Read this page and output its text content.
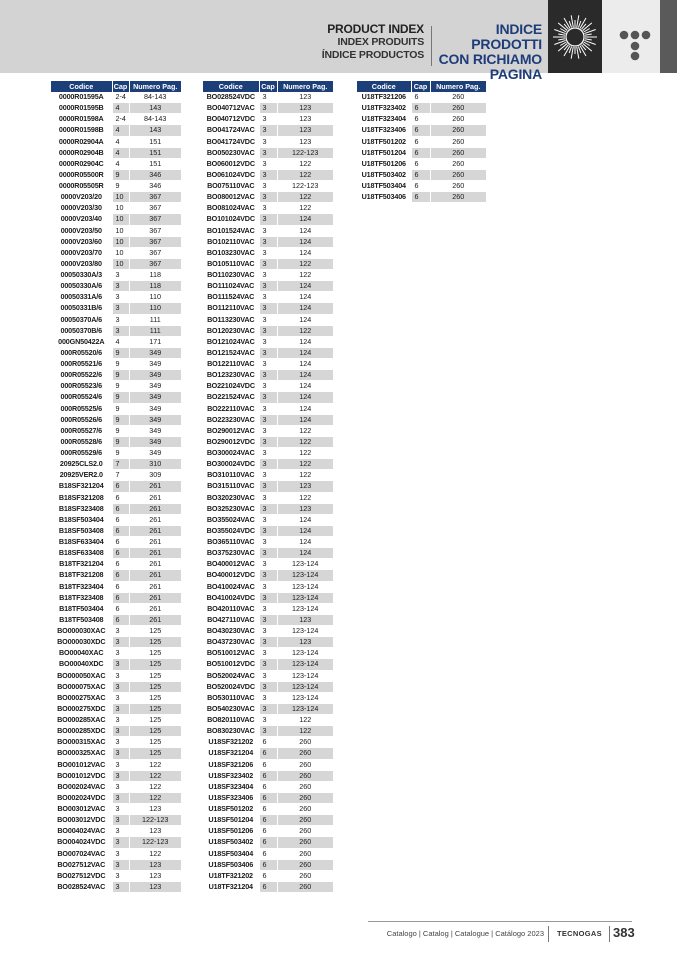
PRODUCT INDEX
INDEX PRODUITS
ÍNDICE PRODUCTOS
INDICE PRODOTTI
CON RICHIAMO
PAGINA
Codice	Cap	Numero Pag.
0000R01595A	2-4	84-143
0000R01595B	4	143
0000R01598A	2-4	84-143
0000R01598B	4	143
0000R02904A	4	151
0000R02904B	4	151
0000R02904C	4	151
0000R05500R	9	346
0000R05505R	9	346
0000V203/20	10	367
0000V203/30	10	367
0000V203/40	10	367
0000V203/50	10	367
0000V203/60	10	367
0000V203/70	10	367
0000V203/80	10	367
00050330A/3	3	118
00050330A/6	3	118
00050331A/6	3	110
00050331B/6	3	110
00050370A/6	3	111
00050370B/6	3	111
000GN50422A	4	171
000R05520/6	9	349
000R05521/6	9	349
000R05522/6	9	349
000R05523/6	9	349
000R05524/6	9	349
000R05525/6	9	349
000R05526/6	9	349
000R05527/6	9	349
000R05528/6	9	349
000R05529/6	9	349
20925CLS2.0	7	310
20925VER2.0	7	309
B18SF321204	6	261
B18SF321208	6	261
B18SF323408	6	261
B18SF503404	6	261
B18SF503408	6	261
B18SF633404	6	261
B18SF633408	6	261
B18TF321204	6	261
B18TF321208	6	261
B18TF323404	6	261
B18TF323408	6	261
B18TF503404	6	261
B18TF503408	6	261
BO000030XAC	3	125
BO000030XDC	3	125
BO00040XAC	3	125
BO00040XDC	3	125
BO000050XAC	3	125
BO000075XAC	3	125
BO000275XAC	3	125
BO000275XDC	3	125
BO000285XAC	3	125
BO000285XDC	3	125
BO000315XAC	3	125
BO000325XAC	3	125
BO001012VAC	3	122
BO001012VDC	3	122
BO002024VAC	3	122
BO002024VDC	3	122
BO003012VAC	3	123
BO003012VDC	3	122-123
BO004024VAC	3	123
BO004024VDC	3	122-123
BO007024VAC	3	122
BO027512VAC	3	123
BO027512VDC	3	123
BO028524VAC	3	123
Codice	Cap	Numero Pag.
BO028524VDC	3	123
BO040712VAC	3	123
BO040712VDC	3	123
BO041724VAC	3	123
BO041724VDC	3	123
BO050230VAC	3	122-123
BO060012VDC	3	122
BO061024VDC	3	122
BO075110VAC	3	122-123
BO080012VAC	3	122
BO081024VAC	3	122
BO101024VDC	3	124
BO101524VAC	3	124
BO102110VAC	3	124
BO103230VAC	3	124
BO105110VAC	3	122
BO110230VAC	3	122
BO111024VAC	3	124
BO111524VAC	3	124
BO112110VAC	3	124
BO113230VAC	3	124
BO120230VAC	3	122
BO121024VAC	3	124
BO121524VAC	3	124
BO122110VAC	3	124
BO123230VAC	3	124
BO221024VDC	3	124
BO221524VAC	3	124
BO222110VAC	3	124
BO223230VAC	3	124
BO290012VAC	3	122
BO290012VDC	3	122
BO300024VAC	3	122
BO300024VDC	3	122
BO310110VAC	3	122
BO315110VAC	3	123
BO320230VAC	3	122
BO325230VAC	3	123
BO355024VAC	3	124
BO355024VDC	3	124
BO365110VAC	3	124
BO375230VAC	3	124
BO400012VAC	3	123-124
BO400012VDC	3	123-124
BO410024VAC	3	123-124
BO410024VDC	3	123-124
BO420110VAC	3	123-124
BO427110VAC	3	123
BO430230VAC	3	123-124
BO437230VAC	3	123
BO510012VAC	3	123-124
BO510012VDC	3	123-124
BO520024VAC	3	123-124
BO520024VDC	3	123-124
BO530110VAC	3	123-124
BO540230VAC	3	123-124
BO820110VAC	3	122
BO830230VAC	3	122
U18SF321202	6	260
U18SF321204	6	260
U18SF321206	6	260
U18SF323402	6	260
U18SF323404	6	260
U18SF323406	6	260
U18SF501202	6	260
U18SF501204	6	260
U18SF501206	6	260
U18SF503402	6	260
U18SF503404	6	260
U18SF503406	6	260
U18TF321202	6	260
U18TF321204	6	260
Codice	Cap	Numero Pag.
U18TF321206	6	260
U18TF323402	6	260
U18TF323404	6	260
U18TF323406	6	260
U18TF501202	6	260
U18TF501204	6	260
U18TF501206	6	260
U18TF503402	6	260
U18TF503404	6	260
U18TF503406	6	260
Catalogo | Catalog | Catalogue | Catálogo 2023 TECNOGAS 383
